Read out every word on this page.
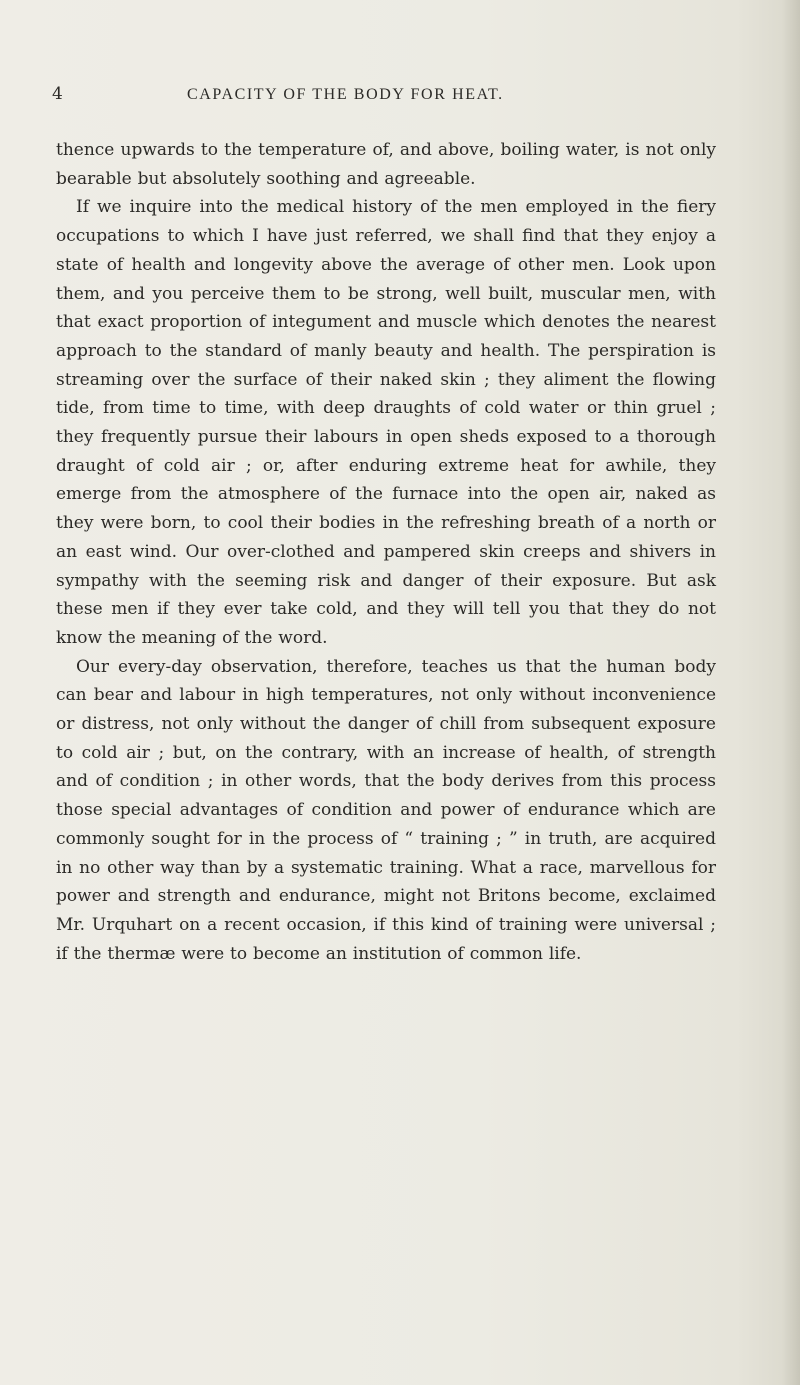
4	CAPACITY OF THE BODY FOR HEAT.

thence upwards to the temperature of, and above, boiling water, is not only bearable but absolutely soothing and agreeable.

If we inquire into the medical history of the men employed in the fiery occupations to which I have just referred, we shall find that they enjoy a state of health and longevity above the average of other men. Look upon them, and you perceive them to be strong, well built, muscular men, with that exact proportion of integument and muscle which denotes the nearest approach to the standard of manly beauty and health. The perspiration is streaming over the surface of their naked skin ; they aliment the flowing tide, from time to time, with deep draughts of cold water or thin gruel ; they frequently pursue their labours in open sheds exposed to a thorough draught of cold air ; or, after enduring extreme heat for awhile, they emerge from the atmosphere of the furnace into the open air, naked as they were born, to cool their bodies in the refreshing breath of a north or an east wind. Our over-clothed and pampered skin creeps and shivers in sympathy with the seeming risk and danger of their exposure. But ask these men if they ever take cold, and they will tell you that they do not know the meaning of the word.

Our every-day observation, therefore, teaches us that the human body can bear and labour in high temperatures, not only without inconvenience or distress, not only without the danger of chill from subsequent exposure to cold air ; but, on the contrary, with an increase of health, of strength and of condition ; in other words, that the body derives from this process those special advantages of condition and power of endurance which are commonly sought for in the process of “ training ; ” in truth, are acquired in no other way than by a systematic training. What a race, marvellous for power and strength and endurance, might not Britons become, exclaimed Mr. Urquhart on a recent occasion, if this kind of training were universal ; if the thermæ were to become an institution of common life.
